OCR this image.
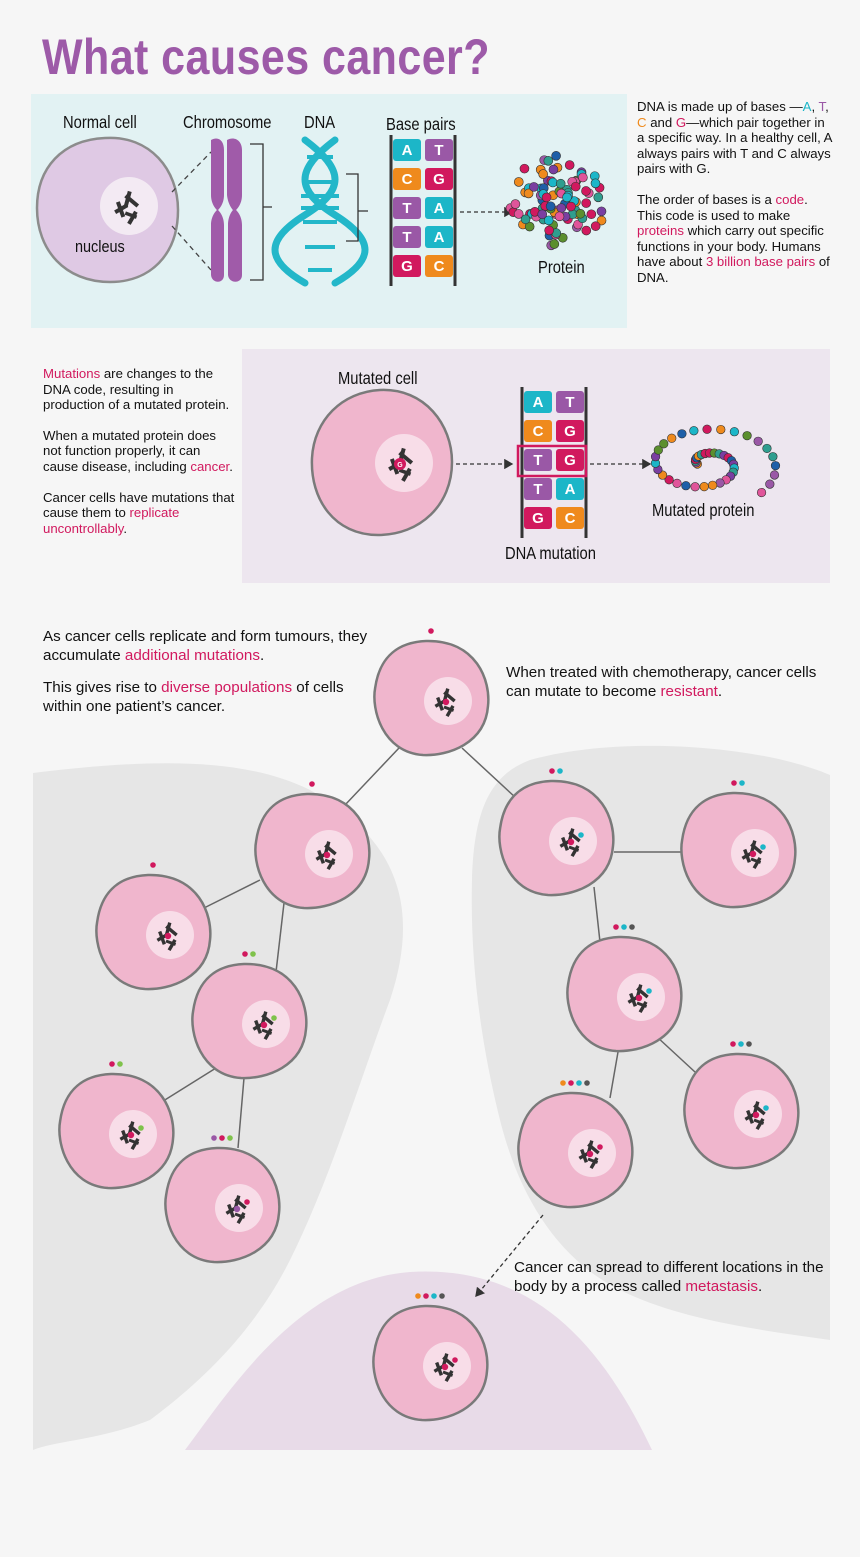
What causes cancer?
Normal cell
nucleus
Chromosome DNA	Base pairs
A T
C G
T A
T A
G C	Protein
Mutated cell
G
A T
C G
T G
T A
G C
DNA mutation
Mutated protein

DNA is made up of bases —A, T, C and G—which pair together in a specific way. In a healthy cell, A always pairs with T and C always pairs with G.

The order of bases is a code. This code is used to make proteins which carry out specific functions in your body. Humans have about 3 billion base pairs of DNA.

Mutations are changes to the DNA code, resulting in production of a mutated protein.

When a mutated protein does not function properly, it can cause disease, including cancer.

Cancer cells have mutations that cause them to replicate uncontrollably.

As cancer cells replicate and form tumours, they accumulate additional mutations.

This gives rise to diverse populations of cells within one patient’s cancer.

When treated with chemotherapy, cancer cells can mutate to become resistant.

Cancer can spread to different locations in the body by a process called metastasis.
